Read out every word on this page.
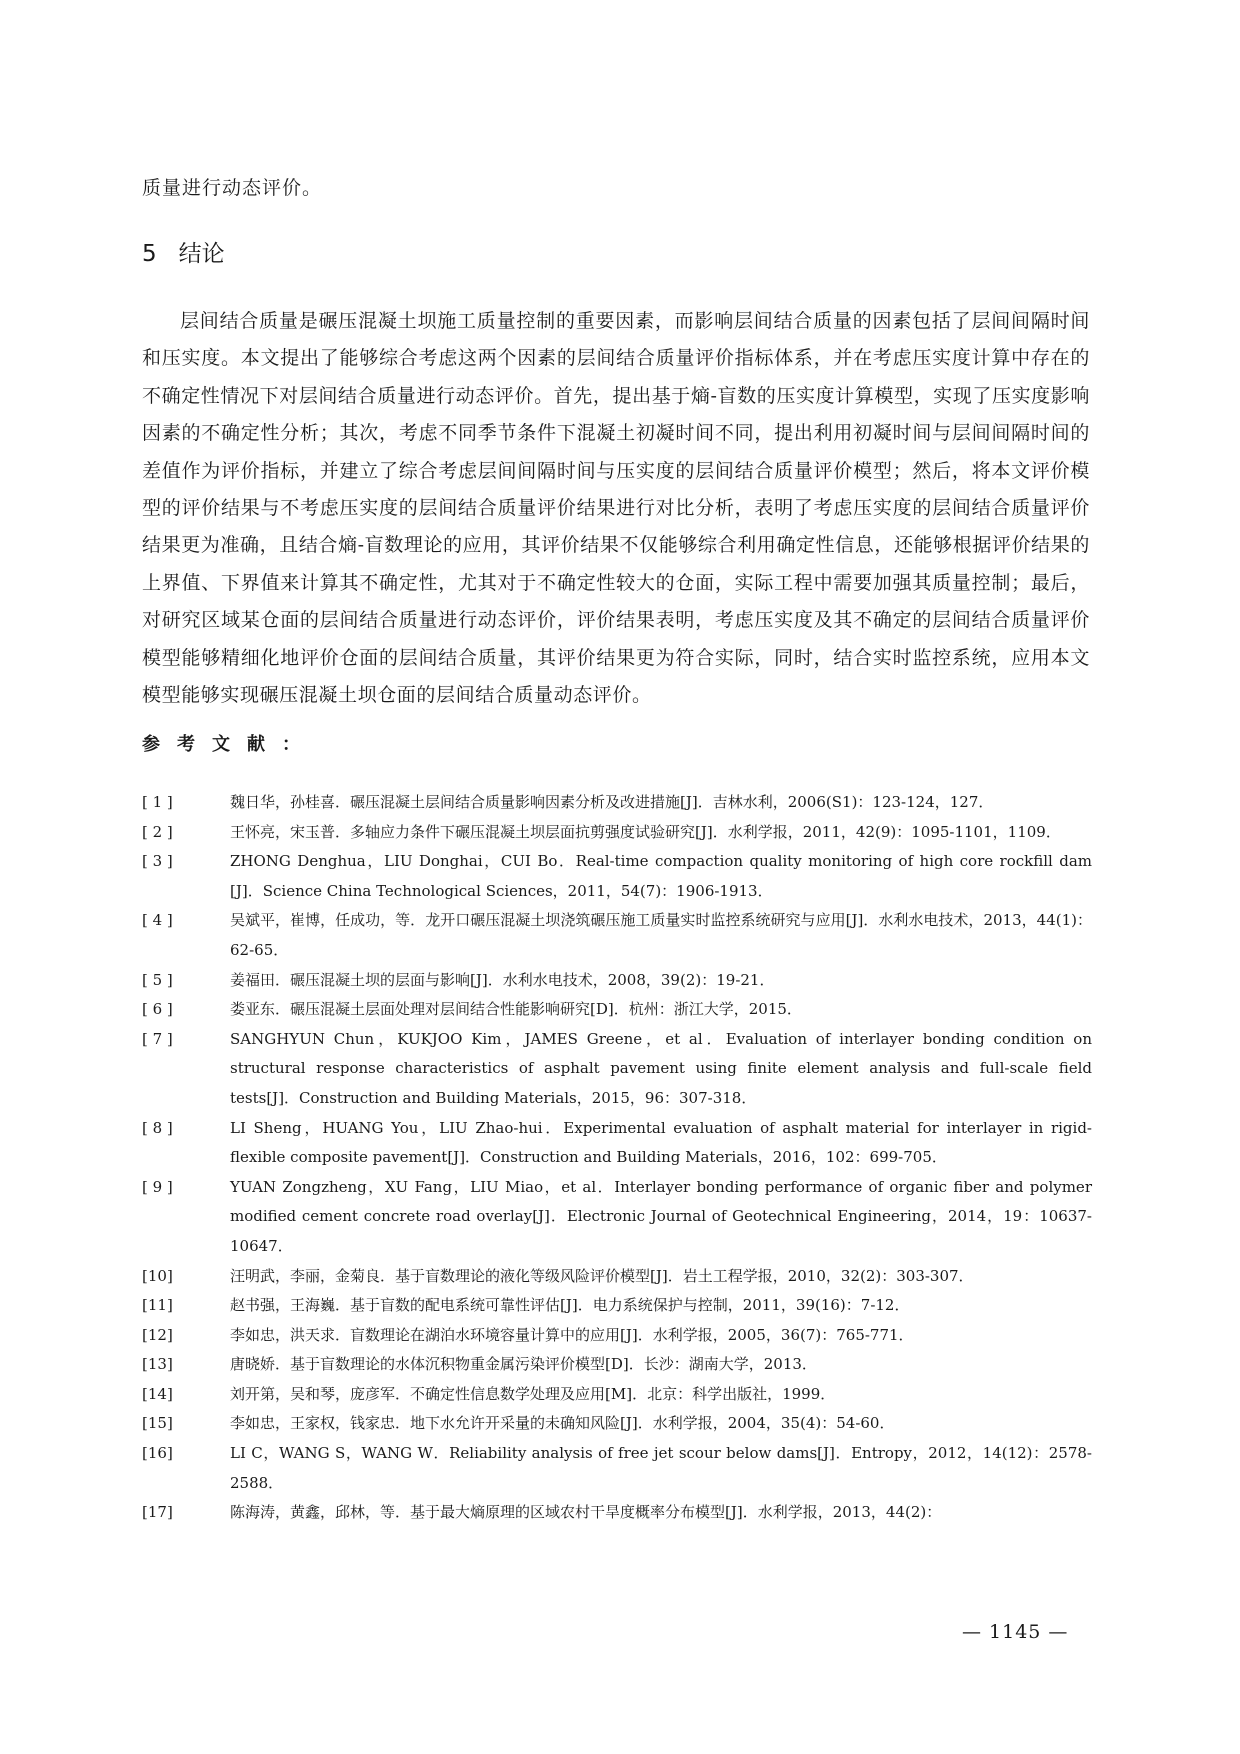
质量进行动态评价。
5 结论

层间结合质量是碾压混凝土坝施工质量控制的重要因素，而影响层间结合质量的因素包括了层间间隔时间和压实度。本文提出了能够综合考虑这两个因素的层间结合质量评价指标体系，并在考虑压实度计算中存在的不确定性情况下对层间结合质量进行动态评价。首先，提出基于熵-盲数的压实度计算模型，实现了压实度影响因素的不确定性分析；其次，考虑不同季节条件下混凝土初凝时间不同，提出利用初凝时间与层间间隔时间的差值作为评价指标，并建立了综合考虑层间间隔时间与压实度的层间结合质量评价模型；然后，将本文评价模型的评价结果与不考虑压实度的层间结合质量评价结果进行对比分析，表明了考虑压实度的层间结合质量评价结果更为准确，且结合熵-盲数理论的应用，其评价结果不仅能够综合利用确定性信息，还能够根据评价结果的上界值、下界值来计算其不确定性，尤其对于不确定性较大的仓面，实际工程中需要加强其质量控制；最后，对研究区域某仓面的层间结合质量进行动态评价，评价结果表明，考虑压实度及其不确定的层间结合质量评价模型能够精细化地评价仓面的层间结合质量，其评价结果更为符合实际，同时，结合实时监控系统，应用本文模型能够实现碾压混凝土坝仓面的层间结合质量动态评价。

参考文献：
[ 1 ]	魏日华，孙桂喜．碾压混凝土层间结合质量影响因素分析及改进措施[J]．吉林水利，2006(S1)：123-124，127．
[ 2 ]	王怀亮，宋玉普．多轴应力条件下碾压混凝土坝层面抗剪强度试验研究[J]．水利学报，2011，42(9)：1095-1101，1109．
[ 3 ]	ZHONG Denghua，LIU Donghai，CUI Bo．Real-time compaction quality monitoring of high core rockfill dam [J]．Science China Technological Sciences，2011，54(7)：1906-1913．
[ 4 ]	吴斌平，崔博，任成功，等．龙开口碾压混凝土坝浇筑碾压施工质量实时监控系统研究与应用[J]．水利水电技术，2013，44(1)：62-65．
[ 5 ]	姜福田．碾压混凝土坝的层面与影响[J]．水利水电技术，2008，39(2)：19-21．
[ 6 ]	娄亚东．碾压混凝土层面处理对层间结合性能影响研究[D]．杭州：浙江大学，2015．
[ 7 ]	SANGHYUN Chun，KUKJOO Kim，JAMES Greene，et al．Evaluation of interlayer bonding condition on structural response characteristics of asphalt pavement using finite element analysis and full-scale field tests[J]．Construction and Building Materials，2015，96：307-318．
[ 8 ]	LI Sheng，HUANG You，LIU Zhao-hui．Experimental evaluation of asphalt material for interlayer in rigid-flexible composite pavement[J]．Construction and Building Materials，2016，102：699-705．
[ 9 ]	YUAN Zongzheng，XU Fang，LIU Miao，et al．Interlayer bonding performance of organic fiber and polymer modified cement concrete road overlay[J]．Electronic Journal of Geotechnical Engineering，2014，19：10637-10647．
[10]	汪明武，李丽，金菊良．基于盲数理论的液化等级风险评价模型[J]．岩土工程学报，2010，32(2)：303-307．
[11]	赵书强，王海巍．基于盲数的配电系统可靠性评估[J]．电力系统保护与控制，2011，39(16)：7-12．
[12]	李如忠，洪天求．盲数理论在湖泊水环境容量计算中的应用[J]．水利学报，2005，36(7)：765-771．
[13]	唐晓娇．基于盲数理论的水体沉积物重金属污染评价模型[D]．长沙：湖南大学，2013．
[14]	刘开第，吴和琴，庞彦军．不确定性信息数学处理及应用[M]．北京：科学出版社，1999．
[15]	李如忠，王家权，钱家忠．地下水允许开采量的未确知风险[J]．水利学报，2004，35(4)：54-60．
[16]	LI C，WANG S，WANG W．Reliability analysis of free jet scour below dams[J]．Entropy，2012，14(12)：2578-2588．
[17]	陈海涛，黄鑫，邱林，等．基于最大熵原理的区域农村干旱度概率分布模型[J]．水利学报，2013，44(2)：
— 1145 —
